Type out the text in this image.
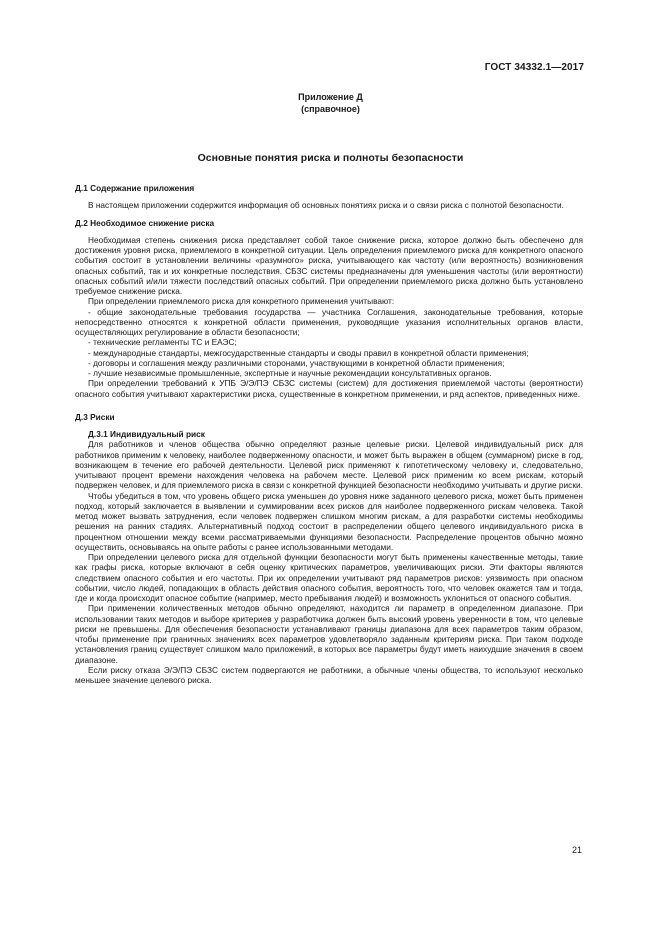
ГОСТ 34332.1—2017
Приложение Д
(справочное)
Основные понятия риска и полноты безопасности

Д.1 Содержание приложения

В настоящем приложении содержится информация об основных понятиях риска и о связи риска с полнотой безопасности.

Д.2 Необходимое снижение риска

Необходимая степень снижения риска представляет собой такое снижение риска, которое должно быть обеспечено для достижения уровня риска, приемлемого в конкретной ситуации. Цель определения приемлемого риска для конкретного опасного события состоит в установлении величины «разумного» риска, учитывающего как частоту (или вероятность) возникновения опасных событий, так и их конкретные последствия. СБЗС системы предназначены для уменьшения частоты (или вероятности) опасных событий и/или тяжести последствий опасных событий. При определении приемлемого риска должно быть установлено требуемое снижение риска.

При определении приемлемого риска для конкретного применения учитывают:

- общие законодательные требования государства — участника Соглашения, законодательные требования, которые непосредственно относятся к конкретной области применения, руководящие указания исполнительных органов власти, осуществляющих регулирование в области безопасности;

- технические регламенты ТС и ЕАЭС;

- международные стандарты, межгосударственные стандарты и своды правил в конкретной области применения;

- договоры и соглашения между различными сторонами, участвующими в конкретной области применения;

- лучшие независимые промышленные, экспертные и научные рекомендации консультативных органов.

При определении требований к УПБ Э/Э/ПЭ СБЗС системы (систем) для достижения приемлемой частоты (вероятности) опасного события учитывают характеристики риска, существенные в конкретном применении, и ряд аспектов, приведенных ниже.

Д.3 Риски

Д.3.1 Индивидуальный риск

Для работников и членов общества обычно определяют разные целевые риски. Целевой индивидуальный риск для работников применим к человеку, наиболее подверженному опасности, и может быть выражен в общем (суммарном) риске в год, возникающем в течение его рабочей деятельности. Целевой риск применяют к гипотетическому человеку и, следовательно, учитывают процент времени нахождения человека на рабочем месте. Целевой риск применим ко всем рискам, который подвержен человек, и для приемлемого риска в связи с конкретной функцией безопасности необходимо учитывать и другие риски.

Чтобы убедиться в том, что уровень общего риска уменьшен до уровня ниже заданного целевого риска, может быть применен подход, который заключается в выявлении и суммировании всех рисков для наиболее подверженного рискам человека. Такой метод может вызвать затруднения, если человек подвержен слишком многим рискам, а для разработки системы необходимы решения на ранних стадиях. Альтернативный подход состоит в распределении общего целевого индивидуального риска в процентном отношении между всеми рассматриваемыми функциями безопасности. Распределение процентов обычно можно осуществить, основываясь на опыте работы с ранее использованными методами.

При определении целевого риска для отдельной функции безопасности могут быть применены качественные методы, такие как графы риска, которые включают в себя оценку критических параметров, увеличивающих риски. Эти факторы являются следствием опасного события и его частоты. При их определении учитывают ряд параметров рисков: уязвимость при опасном событии, число людей, попадающих в область действия опасного события, вероятность того, что человек окажется там и тогда, где и когда происходит опасное событие (например, место пребывания людей) и возможность уклониться от опасного события.

При применении количественных методов обычно определяют, находится ли параметр в определенном диапазоне. При использовании таких методов и выборе критериев у разработчика должен быть высокий уровень уверенности в том, что целевые риски не превышены. Для обеспечения безопасности устанавливают границы диапазона для всех параметров таким образом, чтобы применение при граничных значениях всех параметров удовлетворяло заданным критериям риска. При таком подходе установления границ существует слишком мало приложений, в которых все параметры будут иметь наихудшие значения в своем диапазоне.

Если риску отказа Э/Э/ПЭ СБЗС систем подвергаются не работники, а обычные члены общества, то используют несколько меньшее значение целевого риска.

21
